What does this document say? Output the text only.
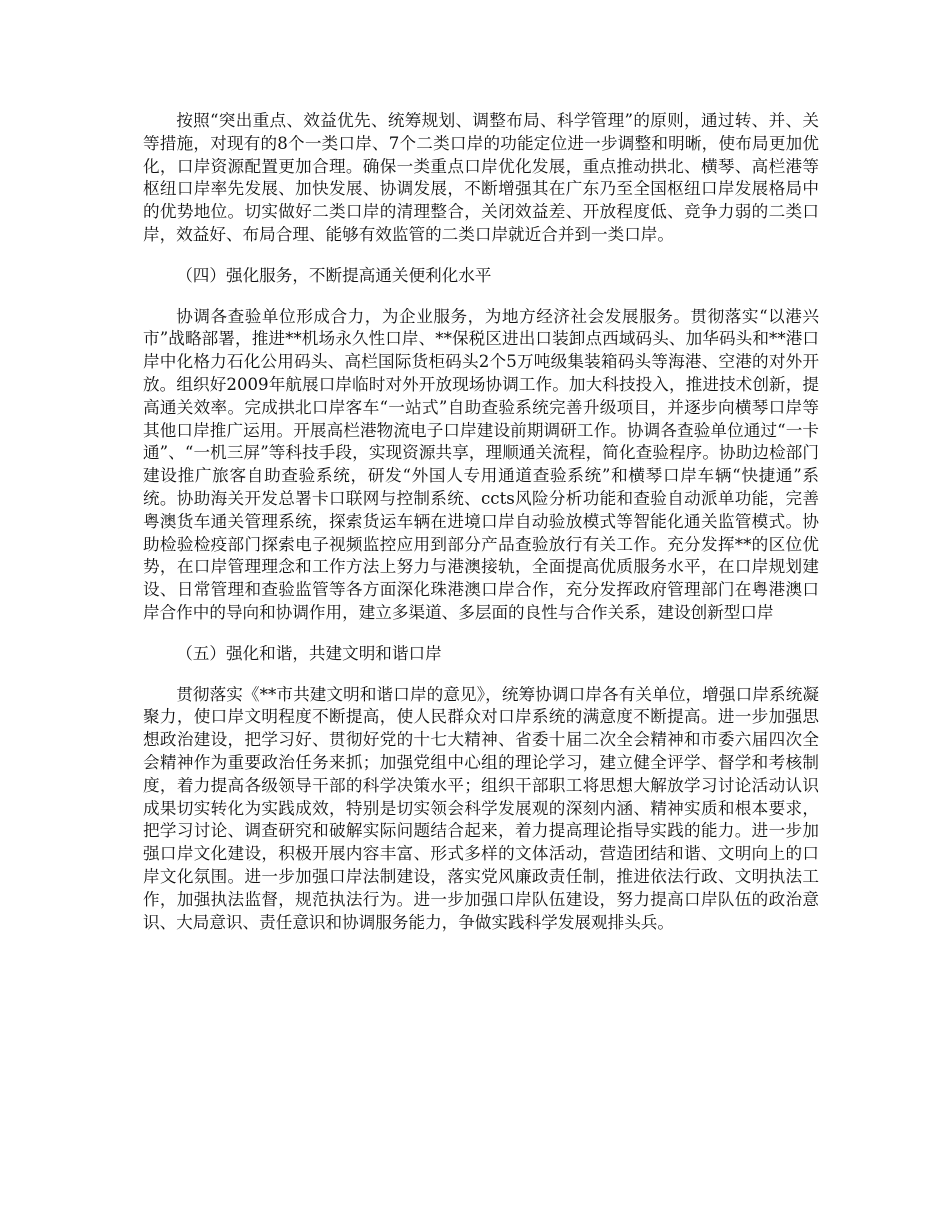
按照“突出重点、效益优先、统筹规划、调整布局、科学管理”的原则，通过转、并、关等措施，对现有的8个一类口岸、7个二类口岸的功能定位进一步调整和明晰，使布局更加优化，口岸资源配置更加合理。确保一类重点口岸优化发展，重点推动拱北、横琴、高栏港等枢纽口岸率先发展、加快发展、协调发展，不断增强其在广东乃至全国枢纽口岸发展格局中的优势地位。切实做好二类口岸的清理整合，关闭效益差、开放程度低、竞争力弱的二类口岸，效益好、布局合理、能够有效监管的二类口岸就近合并到一类口岸。

（四）强化服务，不断提高通关便利化水平

协调各查验单位形成合力，为企业服务，为地方经济社会发展服务。贯彻落实“以港兴市”战略部署，推进**机场永久性口岸、**保税区进出口装卸点西域码头、加华码头和**港口岸中化格力石化公用码头、高栏国际货柜码头2个5万吨级集装箱码头等海港、空港的对外开放。组织好2009年航展口岸临时对外开放现场协调工作。加大科技投入，推进技术创新，提高通关效率。完成拱北口岸客车“一站式”自助查验系统完善升级项目，并逐步向横琴口岸等其他口岸推广运用。开展高栏港物流电子口岸建设前期调研工作。协调各查验单位通过“一卡通”、“一机三屏”等科技手段，实现资源共享，理顺通关流程，简化查验程序。协助边检部门建设推广旅客自助查验系统，研发“外国人专用通道查验系统”和横琴口岸车辆“快捷通”系统。协助海关开发总署卡口联网与控制系统、ccts风险分析功能和查验自动派单功能，完善粤澳货车通关管理系统，探索货运车辆在进境口岸自动验放模式等智能化通关监管模式。协助检验检疫部门探索电子视频监控应用到部分产品查验放行有关工作。充分发挥**的区位优势，在口岸管理理念和工作方法上努力与港澳接轨，全面提高优质服务水平，在口岸规划建设、日常管理和查验监管等各方面深化珠港澳口岸合作，充分发挥政府管理部门在粤港澳口岸合作中的导向和协调作用，建立多渠道、多层面的良性与合作关系，建设创新型口岸

（五）强化和谐，共建文明和谐口岸

贯彻落实《**市共建文明和谐口岸的意见》，统筹协调口岸各有关单位，增强口岸系统凝聚力，使口岸文明程度不断提高，使人民群众对口岸系统的满意度不断提高。进一步加强思想政治建设，把学习好、贯彻好党的十七大精神、省委十届二次全会精神和市委六届四次全会精神作为重要政治任务来抓；加强党组中心组的理论学习，建立健全评学、督学和考核制度，着力提高各级领导干部的科学决策水平；组织干部职工将思想大解放学习讨论活动认识成果切实转化为实践成效，特别是切实领会科学发展观的深刻内涵、精神实质和根本要求，把学习讨论、调查研究和破解实际问题结合起来，着力提高理论指导实践的能力。进一步加强口岸文化建设，积极开展内容丰富、形式多样的文体活动，营造团结和谐、文明向上的口岸文化氛围。进一步加强口岸法制建设，落实党风廉政责任制，推进依法行政、文明执法工作，加强执法监督，规范执法行为。进一步加强口岸队伍建设，努力提高口岸队伍的政治意识、大局意识、责任意识和协调服务能力，争做实践科学发展观排头兵。
